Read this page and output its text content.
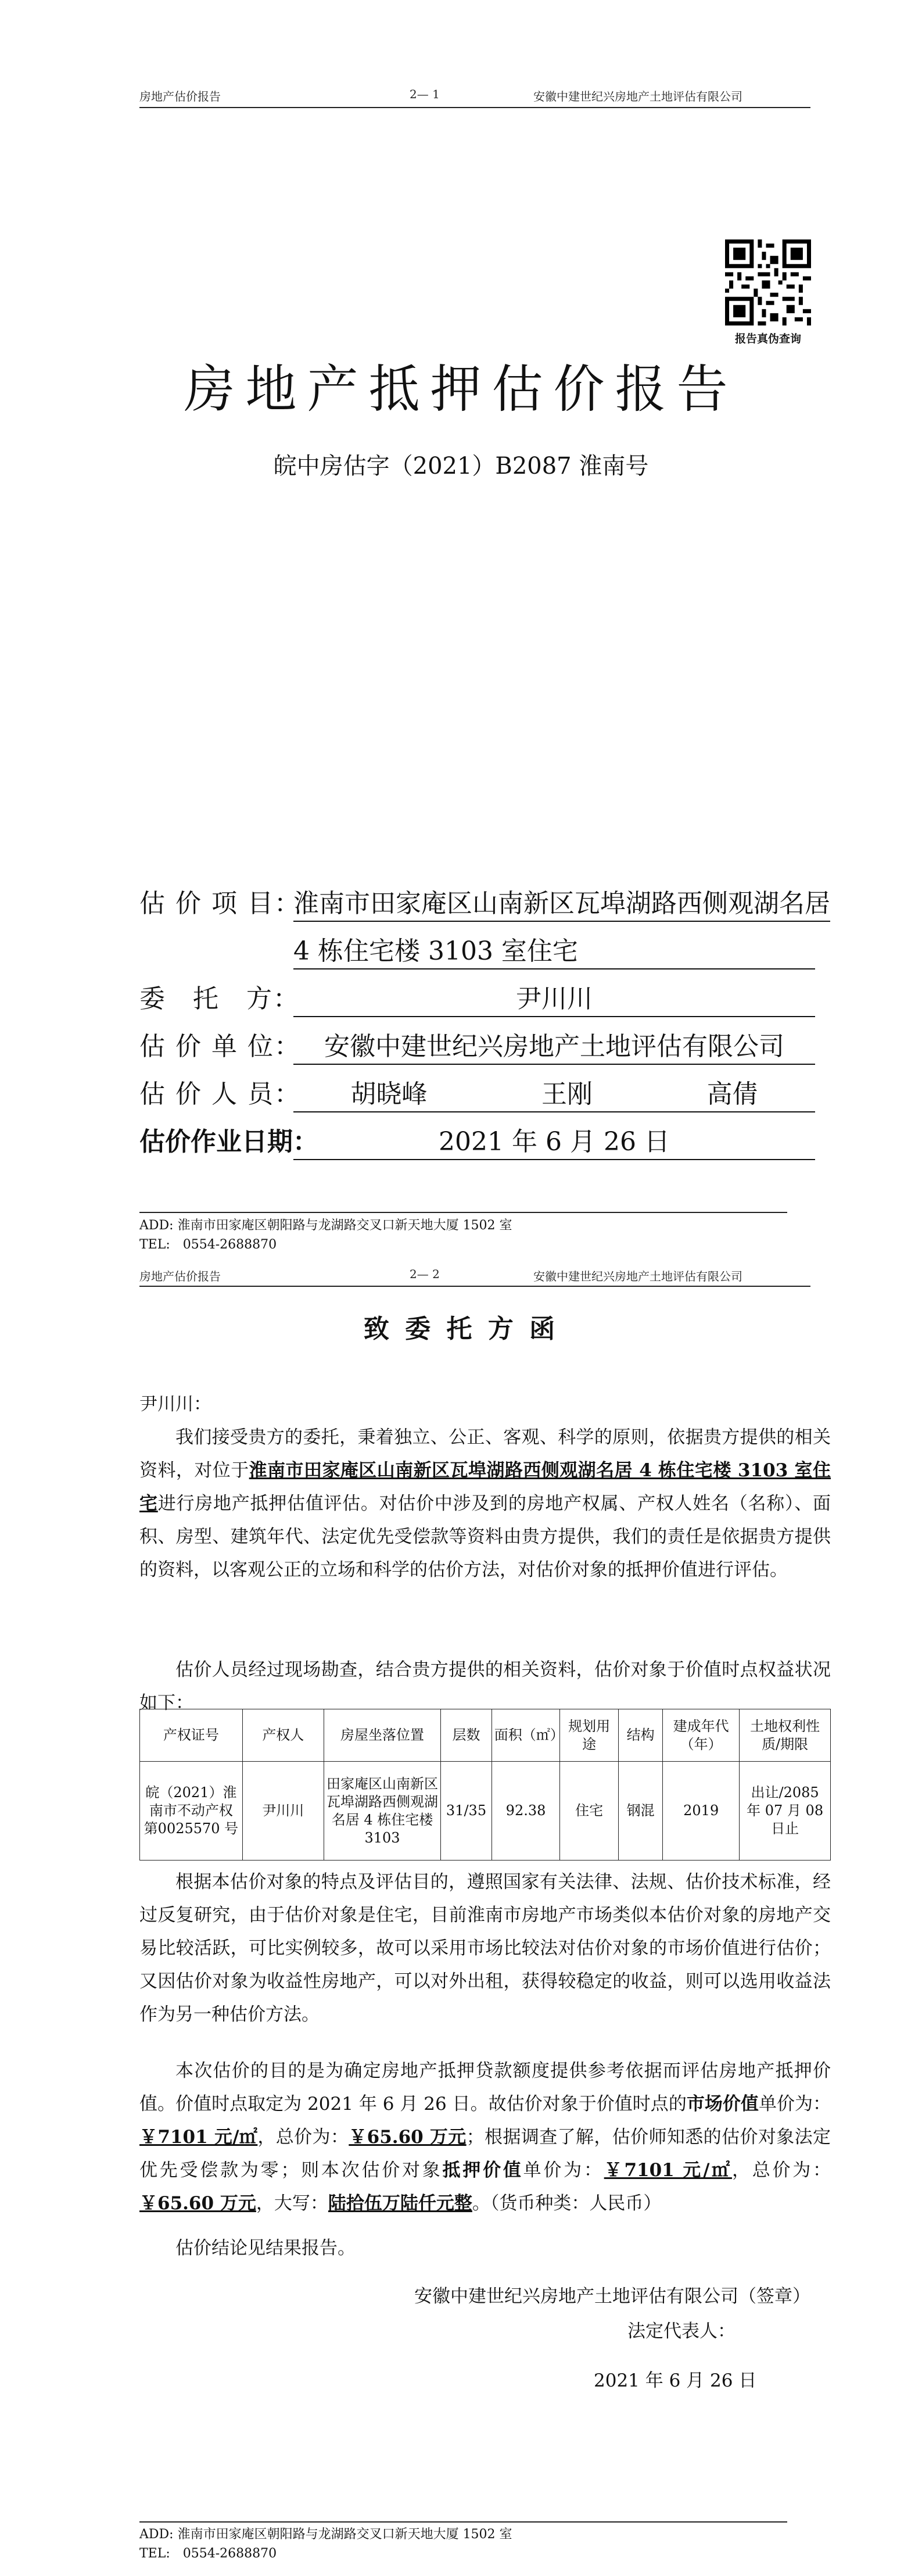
房地产估价报告	2— 1	安徽中建世纪兴房地产土地评估有限公司
报告真伪查询
房地产抵押估价报告
皖中房估字（2021）B2087 淮南号
估 价 项 目：
淮南市田家庵区山南新区瓦埠湖路西侧观湖名居
4 栋住宅楼 3103 室住宅
委　托　方：	尹川川
估 价 单 位： 安徽中建世纪兴房地产土地评估有限公司
估 价 人 员： 胡晓峰	王刚	高倩
估价作业日期：	2021 年 6 月 26 日
ADD: 淮南市田家庵区朝阳路与龙湖路交叉口新天地大厦 1502 室
TEL:　0554-2688870
房地产估价报告	2— 2	安徽中建世纪兴房地产土地评估有限公司
致 委 托 方 函
尹川川：

我们接受贵方的委托，秉着独立、公正、客观、科学的原则，依据贵方提供的相关资料，对位于淮南市田家庵区山南新区瓦埠湖路西侧观湖名居 4 栋住宅楼 3103 室住宅进行房地产抵押估值评估。对估价中涉及到的房地产权属、产权人姓名（名称）、面积、房型、建筑年代、法定优先受偿款等资料由贵方提供，我们的责任是依据贵方提供的资料，以客观公正的立场和科学的估价方法，对估价对象的抵押价值进行评估。

估价人员经过现场勘查，结合贵方提供的相关资料，估价对象于价值时点权益状况如下：

产权证号	产权人	房屋坐落位置	层数	面积（㎡）	规划用途	结构	建成年代（年）	土地权利性质/期限
皖（2021）淮南市不动产权第0025570 号	尹川川	田家庵区山南新区瓦埠湖路西侧观湖名居 4 栋住宅楼 3103	31/35	92.38	住宅	钢混	2019	出让/2085 年 07 月 08 日止

根据本估价对象的特点及评估目的，遵照国家有关法律、法规、估价技术标准，经过反复研究，由于估价对象是住宅，目前淮南市房地产市场类似本估价对象的房地产交易比较活跃，可比实例较多，故可以采用市场比较法对估价对象的市场价值进行估价；又因估价对象为收益性房地产，可以对外出租，获得较稳定的收益，则可以选用收益法作为另一种估价方法。

本次估价的目的是为确定房地产抵押贷款额度提供参考依据而评估房地产抵押价值。价值时点取定为 2021 年 6 月 26 日。故估价对象于价值时点的市场价值单价为：￥7101 元/㎡，总价为：￥65.60 万元；根据调查了解，估价师知悉的估价对象法定优先受偿款为零；则本次估价对象抵押价值单价为：￥7101 元/㎡，总价为：￥65.60 万元，大写：陆拾伍万陆仟元整。（货币种类：人民币）

估价结论见结果报告。

安徽中建世纪兴房地产土地评估有限公司（签章）
法定代表人：
2021 年 6 月 26 日
ADD: 淮南市田家庵区朝阳路与龙湖路交叉口新天地大厦 1502 室
TEL:　0554-2688870
